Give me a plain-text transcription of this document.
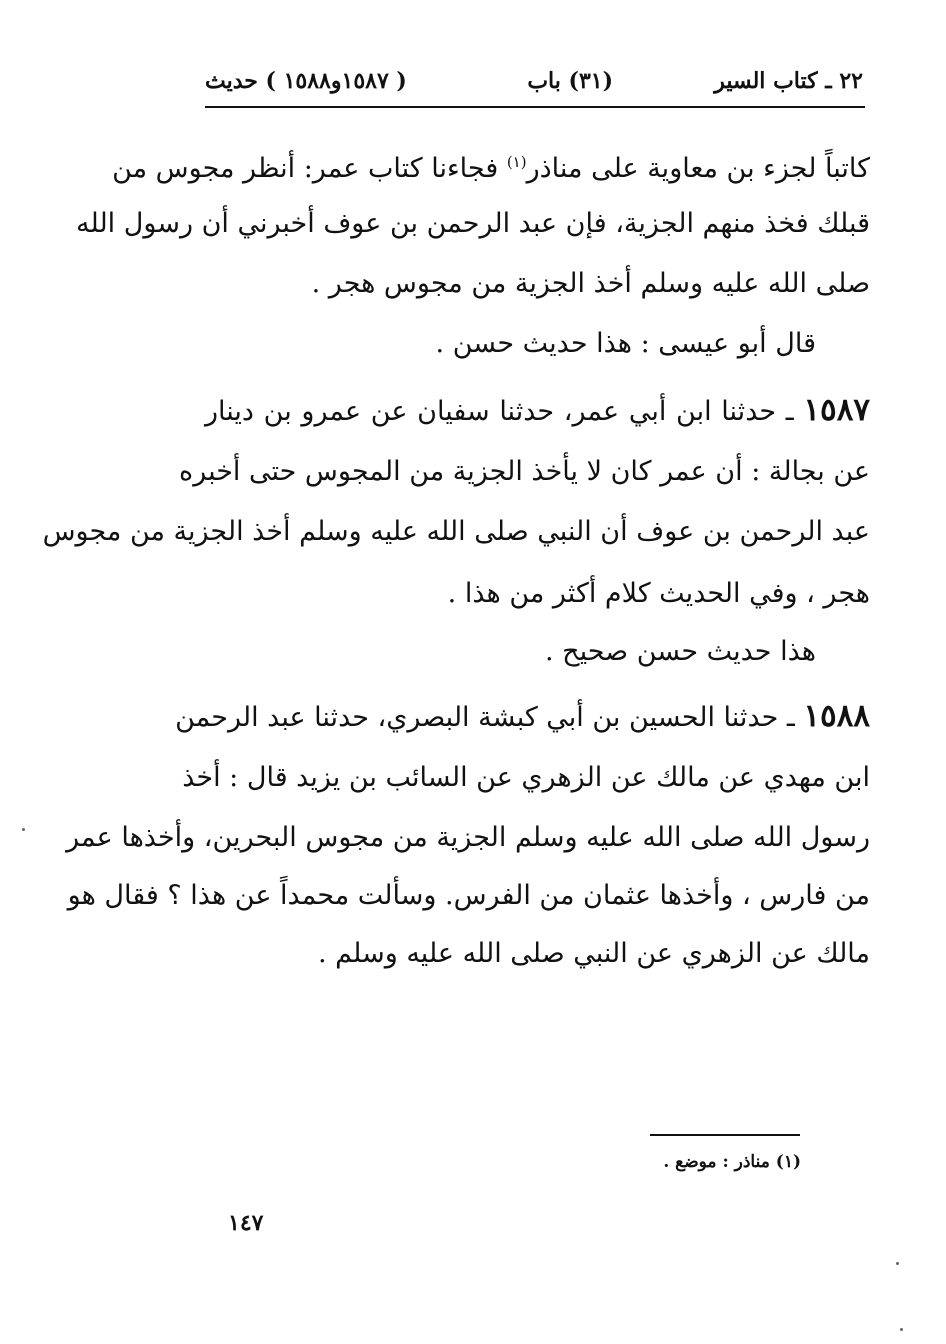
٢٢ ـ كتاب السير
(٣١) باب
( ١٥٨٧و١٥٨٨ ) حديث
كاتباً لجزء بن معاوية على مناذر$^{(١)}$ فجاءنا كتاب عمر: أنظر مجوس من
قبلك فخذ منهم الجزية، فإن عبد الرحمن بن عوف أخبرني أن رسول الله
صلى الله عليه وسلم أخذ الجزية من مجوس هجر .
قال أبو عيسى : هذا حديث حسن .
١٥٨٧ ـ حدثنا ابن أبي عمر، حدثنا سفيان عن عمرو بن دينار
عن بجالة : أن عمر كان لا يأخذ الجزية من المجوس حتى أخبره
عبد الرحمن بن عوف أن النبي صلى الله عليه وسلم أخذ الجزية من مجوس
هجر ، وفي الحديث كلام أكثر من هذا .
هذا حديث حسن صحيح .
١٥٨٨ ـ حدثنا الحسين بن أبي كبشة البصري، حدثنا عبد الرحمن
ابن مهدي عن مالك عن الزهري عن السائب بن يزيد قال : أخذ
رسول الله صلى الله عليه وسلم الجزية من مجوس البحرين، وأخذها عمر
من فارس ، وأخذها عثمان من الفرس. وسألت محمداً عن هذا ؟ فقال هو
مالك عن الزهري عن النبي صلى الله عليه وسلم .
(١) مناذر : موضع .
١٤٧
